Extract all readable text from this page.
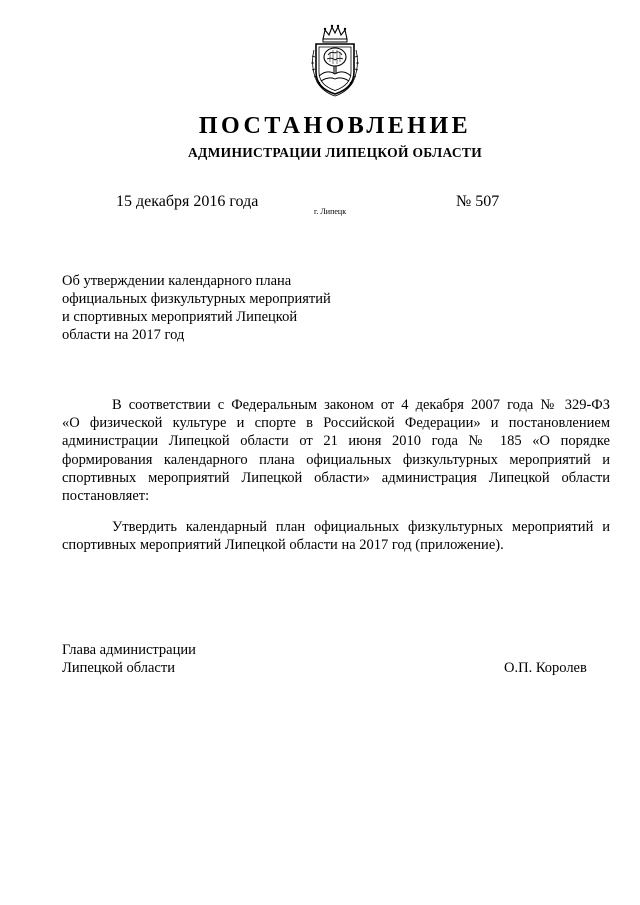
ПОСТАНОВЛЕНИЕ
АДМИНИСТРАЦИИ ЛИПЕЦКОЙ ОБЛАСТИ
15 декабря 2016 года
г. Липецк
№ 507
Об утверждении календарного плана
официальных физкультурных мероприятий
и спортивных мероприятий Липецкой
области на 2017 год
В соответствии с Федеральным законом от 4 декабря 2007 года № 329-ФЗ
«О физической культуре и спорте в Российской Федерации» и постановлением
администрации Липецкой области от 21 июня 2010 года № 185 «О порядке
формирования календарного плана официальных физкультурных мероприятий и
спортивных мероприятий Липецкой области» администрация Липецкой области
постановляет:
Утвердить календарный план официальных физкультурных мероприятий и
спортивных мероприятий Липецкой области на 2017 год (приложение).
Глава администрации
Липецкой области	О.П. Королев
